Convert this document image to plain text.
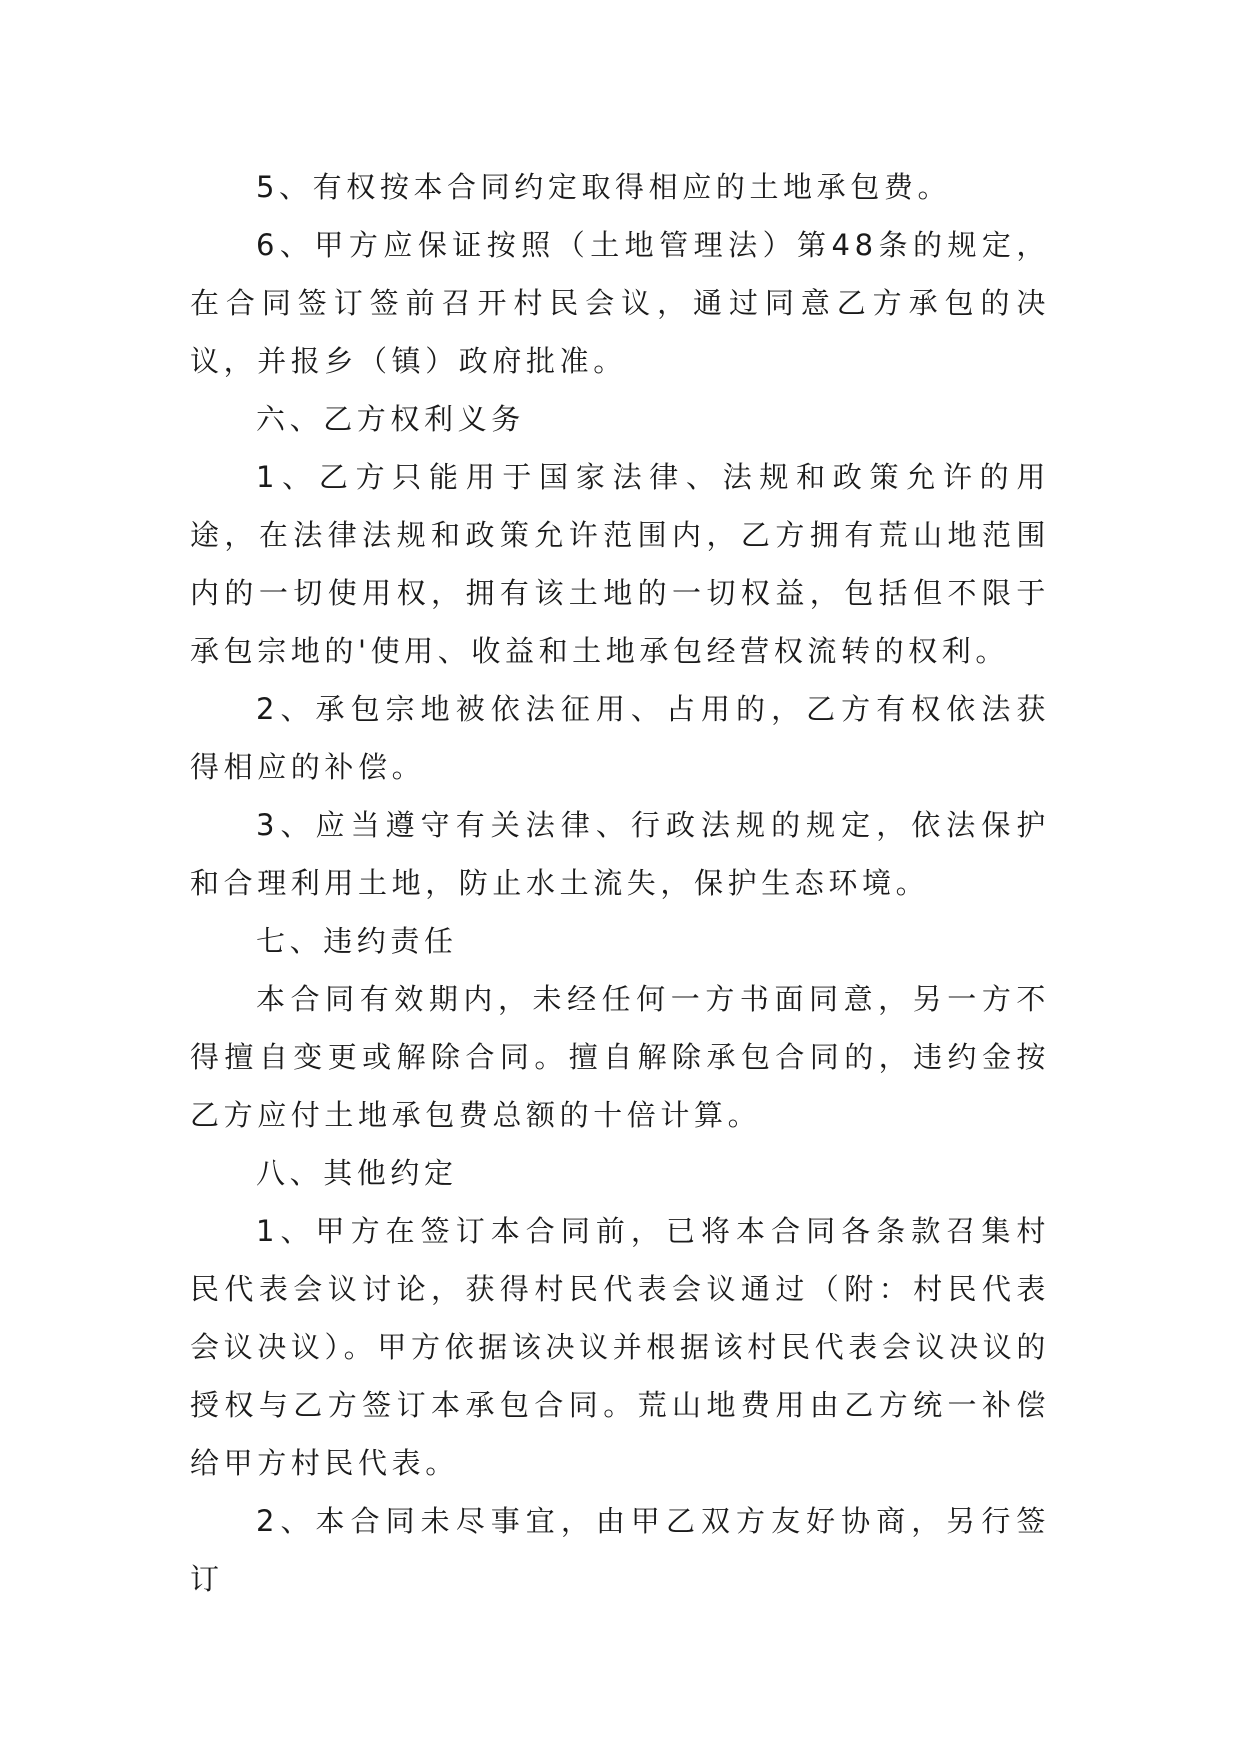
5、有权按本合同约定取得相应的土地承包费。

6、甲方应保证按照（土地管理法）第48条的规定，在合同签订签前召开村民会议，通过同意乙方承包的决议，并报乡（镇）政府批准。

六、乙方权利义务

1、乙方只能用于国家法律、法规和政策允许的用途，在法律法规和政策允许范围内，乙方拥有荒山地范围内的一切使用权，拥有该土地的一切权益，包括但不限于承包宗地的'使用、收益和土地承包经营权流转的权利。

2、承包宗地被依法征用、占用的，乙方有权依法获得相应的补偿。

3、应当遵守有关法律、行政法规的规定，依法保护和合理利用土地，防止水土流失，保护生态环境。

七、违约责任

本合同有效期内，未经任何一方书面同意，另一方不得擅自变更或解除合同。擅自解除承包合同的，违约金按乙方应付土地承包费总额的十倍计算。

八、其他约定

1、甲方在签订本合同前，已将本合同各条款召集村民代表会议讨论，获得村民代表会议通过（附：村民代表会议决议）。甲方依据该决议并根据该村民代表会议决议的授权与乙方签订本承包合同。荒山地费用由乙方统一补偿给甲方村民代表。

2、本合同未尽事宜，由甲乙双方友好协商，另行签订
